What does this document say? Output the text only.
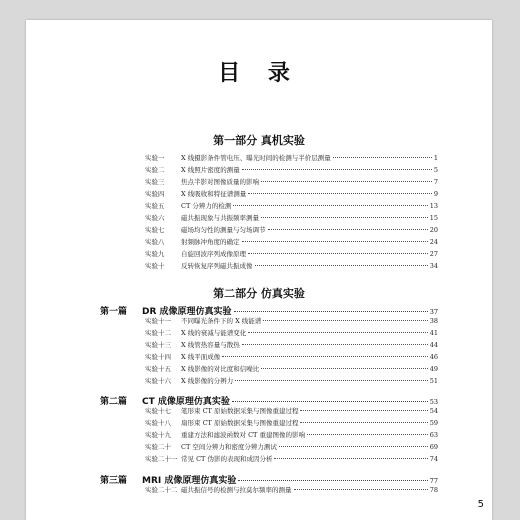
目 录
第一部分 真机实验
实验一	X 线摄影条件管电压、曝光时间的检测与半价层测量	1
实验二	X 线照片密度的测量	5
实验三	焦点半影对图像质量的影响	7
实验四	X 线吸收和特征谱测量	9
实验五	CT 分辨力的检测	13
实验六	磁共振现象与共振频率测量	15
实验七	磁场均匀性的测量与匀场调节	20
实验八	射频脉冲角度的确定	24
实验九	自旋回波序列成像原理	27
实验十	反转恢复序列磁共振成像	34
第二部分 仿真实验
第一篇	DR 成像原理仿真实验	37
实验十一	不同曝光条件下的 X 线能谱	38
实验十二	X 线的衰减与能谱变化	41
实验十三	X 线管热容量与散热	44
实验十四	X 线平面成像	46
实验十五	X 线影像的对比度和信噪比	49
实验十六	X 线影像的分辨力	51
第二篇	CT 成像原理仿真实验	53
实验十七	笔形束 CT 原始数据采集与图像重建过程	54
实验十八	扇形束 CT 原始数据采集与图像重建过程	59
实验十九	重建方法和滤波函数对 CT 重建图像的影响	63
实验二十	CT 空间分辨力和密度分辨力测试	69
实验二十一 常见 CT 伪影的表现和成因分析	74
第三篇	MRI 成像原理仿真实验	77
实验二十二 磁共振信号的检测与拉莫尔频率的测量	78
5
